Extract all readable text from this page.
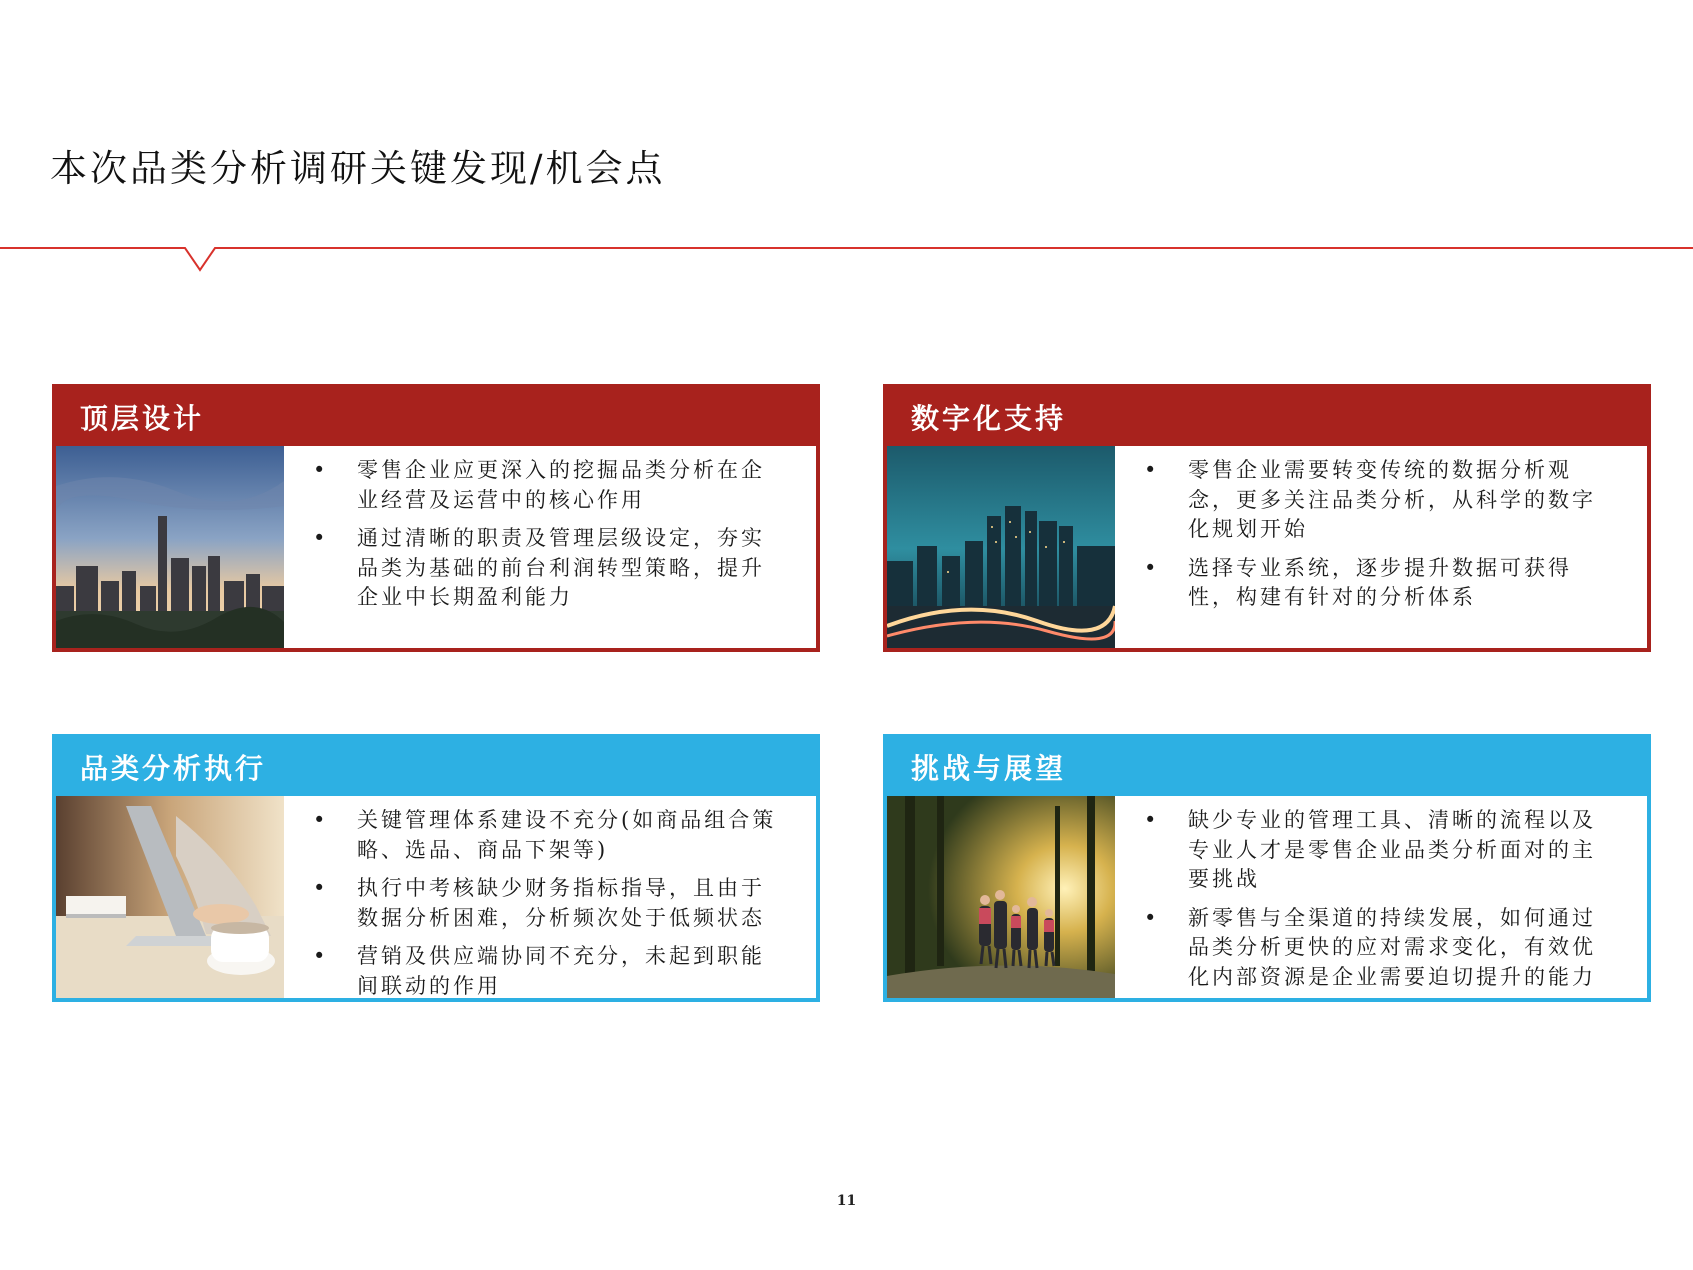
本次品类分析调研关键发现/机会点
顶层设计
• 零售企业应更深入的挖掘品类分析在企业经营及运营中的核心作用
• 通过清晰的职责及管理层级设定，夯实品类为基础的前台利润转型策略，提升企业中长期盈利能力
数字化支持
• 零售企业需要转变传统的数据分析观念，更多关注品类分析，从科学的数字化规划开始
• 选择专业系统，逐步提升数据可获得性，构建有针对的分析体系
品类分析执行
• 关键管理体系建设不充分(如商品组合策略、选品、商品下架等)
• 执行中考核缺少财务指标指导，且由于数据分析困难，分析频次处于低频状态
• 营销及供应端协同不充分，未起到职能间联动的作用
挑战与展望
• 缺少专业的管理工具、清晰的流程以及专业人才是零售企业品类分析面对的主要挑战
• 新零售与全渠道的持续发展，如何通过品类分析更快的应对需求变化，有效优化内部资源是企业需要迫切提升的能力
11
